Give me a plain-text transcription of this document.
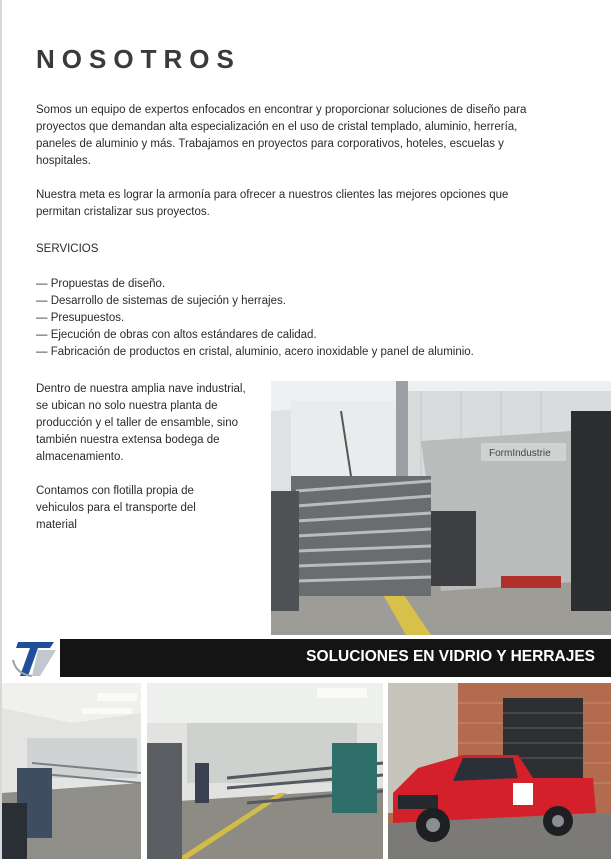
NOSOTROS

Somos un equipo de expertos enfocados en encontrar y proporcionar soluciones de diseño para proyectos que demandan alta especialización en el uso de cristal templado, aluminio, herrería, paneles de aluminio y más. Trabajamos en proyectos para corporativos, hoteles, escuelas y hospitales.

Nuestra meta es lograr la armonía para ofrecer a nuestros clientes las mejores opciones que permitan cristalizar sus proyectos.

SERVICIOS

— Propuestas de diseño.
— Desarrollo de sistemas de sujeción y herrajes.
— Presupuestos.
— Ejecución de obras con altos estándares de calidad.
— Fabricación de productos en cristal, aluminio, acero inoxidable y panel de aluminio.

Dentro de nuestra amplia nave industrial, se ubican no solo nuestra planta de producción y el taller de ensamble, sino también nuestra extensa bodega de almacenamiento.

Contamos con flotilla propia de vehiculos para el transporte del material

FormIndustrie
SOLUCIONES EN VIDRIO Y HERRAJES
